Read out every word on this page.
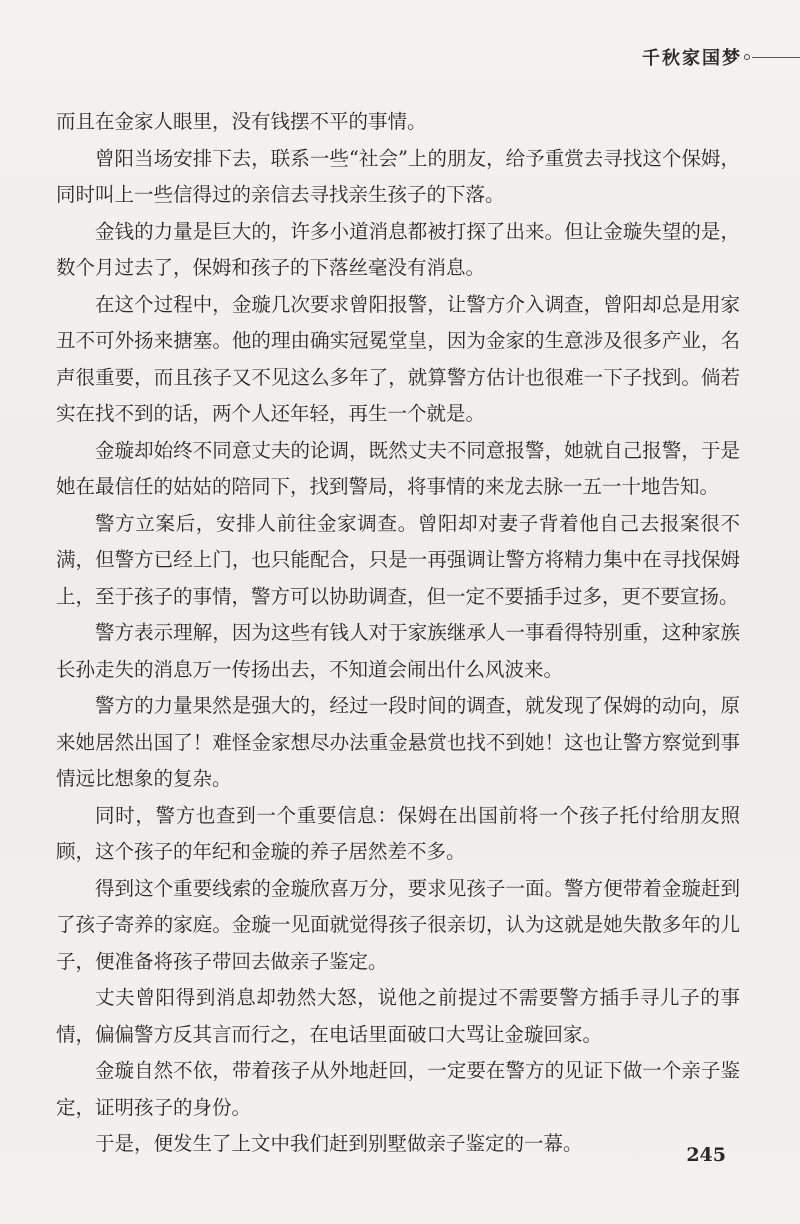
千秋家国梦

而且在金家人眼里，没有钱摆不平的事情。

曾阳当场安排下去，联系一些“社会”上的朋友，给予重赏去寻找这个保姆，同时叫上一些信得过的亲信去寻找亲生孩子的下落。

金钱的力量是巨大的，许多小道消息都被打探了出来。但让金璇失望的是，数个月过去了，保姆和孩子的下落丝毫没有消息。

在这个过程中，金璇几次要求曾阳报警，让警方介入调查，曾阳却总是用家丑不可外扬来搪塞。他的理由确实冠冕堂皇，因为金家的生意涉及很多产业，名声很重要，而且孩子又不见这么多年了，就算警方估计也很难一下子找到。倘若实在找不到的话，两个人还年轻，再生一个就是。

金璇却始终不同意丈夫的论调，既然丈夫不同意报警，她就自己报警，于是她在最信任的姑姑的陪同下，找到警局，将事情的来龙去脉一五一十地告知。

警方立案后，安排人前往金家调查。曾阳却对妻子背着他自己去报案很不满，但警方已经上门，也只能配合，只是一再强调让警方将精力集中在寻找保姆上，至于孩子的事情，警方可以协助调查，但一定不要插手过多，更不要宣扬。

警方表示理解，因为这些有钱人对于家族继承人一事看得特别重，这种家族长孙走失的消息万一传扬出去，不知道会闹出什么风波来。

警方的力量果然是强大的，经过一段时间的调查，就发现了保姆的动向，原来她居然出国了！难怪金家想尽办法重金悬赏也找不到她！这也让警方察觉到事情远比想象的复杂。

同时，警方也查到一个重要信息：保姆在出国前将一个孩子托付给朋友照顾，这个孩子的年纪和金璇的养子居然差不多。

得到这个重要线索的金璇欣喜万分，要求见孩子一面。警方便带着金璇赶到了孩子寄养的家庭。金璇一见面就觉得孩子很亲切，认为这就是她失散多年的儿子，便准备将孩子带回去做亲子鉴定。

丈夫曾阳得到消息却勃然大怒，说他之前提过不需要警方插手寻儿子的事情，偏偏警方反其言而行之，在电话里面破口大骂让金璇回家。

金璇自然不依，带着孩子从外地赶回，一定要在警方的见证下做一个亲子鉴定，证明孩子的身份。

于是，便发生了上文中我们赶到别墅做亲子鉴定的一幕。	245
